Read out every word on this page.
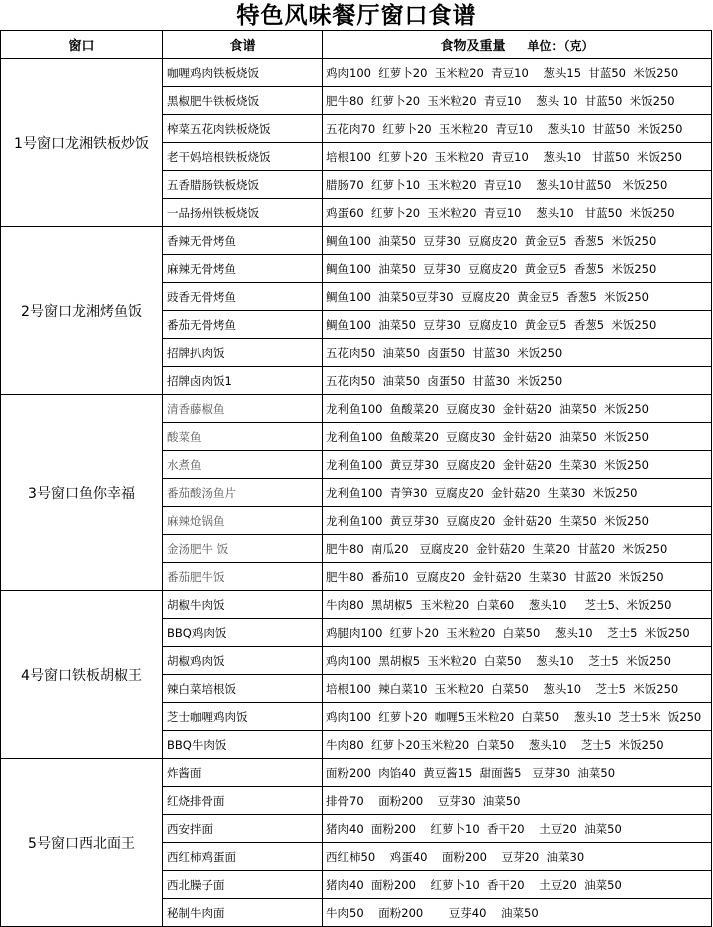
特色风味餐厅窗口食谱
窗口	食谱	食物及重量 单位：（克）
1号窗口龙湘铁板炒饭	咖喱鸡肉铁板烧饭	鸡肉100  红萝卜20  玉米粒20  青豆10    葱头15  甘蓝50  米饭250
	黑椒肥牛铁板烧饭	肥牛80  红萝卜20  玉米粒20  青豆10    葱头 10  甘蓝50  米饭250
	榨菜五花肉铁板烧饭	五花肉70  红萝卜20  玉米粒20  青豆10    葱头10  甘蓝50  米饭250
	老干妈培根铁板烧饭	培根100  红萝卜20  玉米粒20  青豆10    葱头10   甘蓝50  米饭250
	五香腊肠铁板烧饭	腊肠70  红萝卜10  玉米粒20  青豆10    葱头10甘蓝50   米饭250
	一品扬州铁板烧饭	鸡蛋60  红萝卜20  玉米粒20  青豆10    葱头10   甘蓝50  米饭250
2号窗口龙湘烤鱼饭	香辣无骨烤鱼	鲷鱼100  油菜50  豆芽30  豆腐皮20  黄金豆5  香葱5  米饭250
	麻辣无骨烤鱼	鲷鱼100  油菜50  豆芽30  豆腐皮20  黄金豆5  香葱5  米饭250
	豉香无骨烤鱼	鲷鱼100  油菜50豆芽30  豆腐皮20  黄金豆5  香葱5  米饭250
	番茄无骨烤鱼	鲷鱼100  油菜50  豆芽30  豆腐皮10  黄金豆5  香葱5  米饭250
	招牌扒肉饭	五花肉50  油菜50  卤蛋50  甘蓝30  米饭250
	招牌卤肉饭1	五花肉50  油菜50  卤蛋50  甘蓝30  米饭250
3号窗口鱼你幸福	清香藤椒鱼	龙利鱼100  鱼酸菜20  豆腐皮30  金针菇20  油菜50  米饭250
	酸菜鱼	龙利鱼100  鱼酸菜20  豆腐皮30  金针菇20  油菜50  米饭250
	水煮鱼	龙利鱼100  黄豆芽30  豆腐皮20  金针菇20  生菜30  米饭250
	番茄酸汤鱼片	龙利鱼100  青笋30  豆腐皮20  金针菇20  生菜30  米饭250
	麻辣炝锅鱼	龙利鱼100  黄豆芽30  豆腐皮20  金针菇20  生菜50  米饭250
	金汤肥牛 饭	肥牛80  南瓜20   豆腐皮20  金针菇20  生菜20  甘蓝20  米饭250
	番茄肥牛饭	肥牛80  番茄10  豆腐皮20  金针菇20  生菜30  甘蓝20  米饭250
4号窗口铁板胡椒王	胡椒牛肉饭	牛肉80  黑胡椒5  玉米粒20  白菜60    葱头10     芝士5、米饭250
	BBQ鸡肉饭	鸡腿肉100  红萝卜20  玉米粒20  白菜50    葱头10    芝士5  米饭250
	胡椒鸡肉饭	鸡肉100  黑胡椒5  玉米粒20  白菜50    葱头10    芝士5  米饭250
	辣白菜培根饭	培根100  辣白菜10  玉米粒20  白菜50    葱头10    芝士5  米饭250
	芝士咖喱鸡肉饭	鸡肉100  红萝卜20  咖喱5玉米粒20  白菜50    葱头10  芝士5米  饭250
	BBQ牛肉饭	牛肉80  红萝卜20玉米粒20  白菜50    葱头10    芝士5  米饭250
5号窗口西北面王	炸酱面	面粉200  肉馅40  黄豆酱15  甜面酱5   豆芽30  油菜50
	红烧排骨面	排骨70    面粉200    豆芽30  油菜50
	西安拌面	猪肉40  面粉200    红萝卜10  香干20    土豆20  油菜50
	西红柿鸡蛋面	西红柿50    鸡蛋40    面粉200    豆芽20  油菜30
	西北臊子面	猪肉40  面粉200    红萝卜10  香干20    土豆20  油菜50
	秘制牛肉面	牛肉50    面粉200       豆芽40    油菜50
